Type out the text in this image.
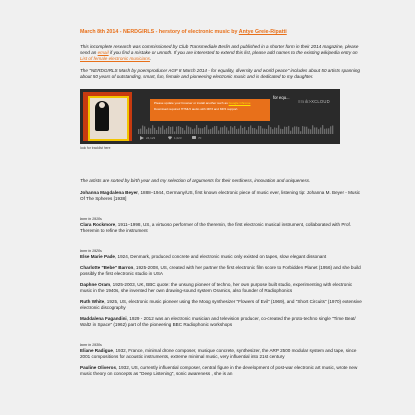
March 8th 2014 - NERDGIRLS - herstory of electronic music by Antye Greie-Ripatti

This incomplete research was commissioned by Club Transmediale Berlin and published in a shorter form in their 2014 magazine, please send an email if you find a mistake or unnoth. If you are interested to extend this list, please add names to the existing wikipedia entry on List of female electronic musicians.

The "NERDGIRLS Mash by poemproducer AGF 8 March 2014 - for equality, diversity and world peace" includes about 50 artists spanning about 50 years of outstanding, smart, fun, female and pioneering electronic music and is dedicated to my daughter.

Please update your browser or install another such as Google Chrome
Download required HTML5 audio with MP3 and MP4 support.
for equ...
≡≡ıılı>XCLOUD
24,123	1,023	70
look for tracklist here

The artists are sorted by birth year and my selection of arguments for their nerdiness, innovation and uniqueness.

Johanna Magdalena Beyer, 1888–1944, Germany/US, first known electronic piece of music ever, listening tip: Johanna M. Beyer - Music Of The Spheres [1938]

born in 1910s

Clara Rockmore, 1911–1998, US, a virtuoso performer of the theremin, the first electronic musical instrument, collaborated with Prof. Theremin to refine the instrument

born in 1920s

Else Marie Pade, 1924, Denmark, produced concrete and electronic music only existed on tapes, slow elegant dissonant

Charlotte "Bebe" Barron, 1925-2008, US, created with her partner the first electronic film score to Forbidden Planet (1956) and she build possibly the first electronic studio in USA

Daphne Oram, 1925-2003, UK, BBC quote: the unsung pioneer of techno, her own purpose built studio, experimenting with electronic music in the 1940s, she invented her own drawing-sound system Oramics, also founder of Radiophonics

Ruth White, 1925, US, electronic music pioneer using the Moog synthesizer "Flowers of Evil" (1969), and "Short Circuits" (1970) extensive electronic discography

Maddalena Fagandini, 1929 - 2012 was an electronic musician and television producer, co-created the proto-techno single "Time Beat/ Waltz in Space" (1962) part of the pioneering BBC Radiophonic workshops

born in 1930s

Eliane Radigue, 1932, France, minimal drone composer, musique concrete, synthesizer, the ARP 2500 modular system and tape, since 2001 compositions for acoustic instruments, extreme minimal music, very influential into 21st century

Pauline Oliveros, 1932, US, currently influential composer, central figure in the development of post-war electronic art music, wrote new music theory on concepts as "Deep Listening", sonic awareness , she is an
